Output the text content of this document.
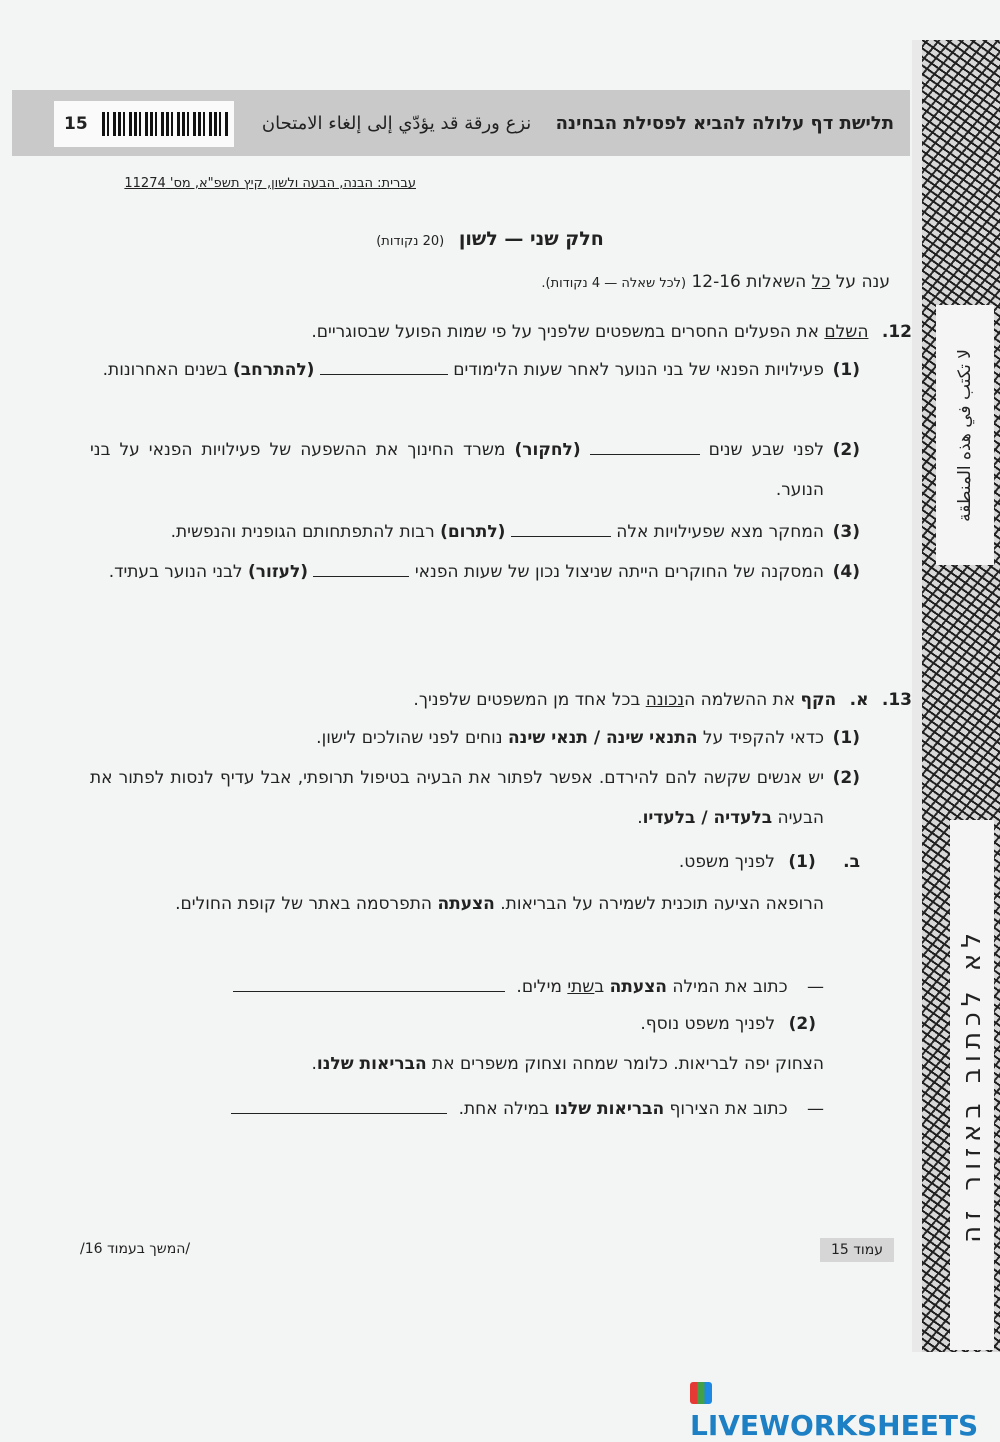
لا تكتب في هذه المنطقة
לא לכתוב באזור זה
15	תלישת דף עלולה להביא לפסילת הבחינה نزع ورقة قد يؤدّي إلى إلغاء الامتحان
עברית: הבנה, הבעה ולשון, קיץ תשפ"א, מס' 11274
חלק שני — לשון (20 נקודות)
ענה על כל השאלות 12-16 (לכל שאלה — 4 נקודות).
12. השלם את הפעלים החסרים במשפטים שלפניך על פי שמות הפועל שבסוגריים.
(1)
פעילויות הפנאי של בני הנוער לאחר שעות הלימודים  (להתרחב) בשנים האחרונות.
(2)
לפני שבע שנים  (לחקור) משרד החינוך את ההשפעה של פעילויות הפנאי על בני הנוער.
(3)
המחקר מצא שפעילויות אלה  (לתרום) רבות להתפתחותם הגופנית והנפשית.
(4)
המסקנה של החוקרים הייתה שניצול נכון של שעות הפנאי  (לעזור) לבני הנוער בעתיד.
13. א. הקף את ההשלמה הנכונה בכל אחד מן המשפטים שלפניך.
(1)
כדאי להקפיד על התנאי שינה / תנאי שינה נוחים לפני שהולכים לישון.
(2)
יש אנשים שקשה להם להירדם. אפשר לפתור את הבעיה בטיפול תרופתי, אבל עדיף לנסות לפתור את הבעיה בלעדיה / בלעדיו.
ב. (1) לפניך משפט.
הרופאה הציעה תוכנית לשמירה על הבריאות. הצעתה התפרסמה באתר של קופת החולים.
— כתוב את המילה הצעתה בשתי מילים.
(2) לפניך משפט נוסף.
הצחוק יפה לבריאות. כלומר שמחה וצחוק משפרים את הבריאות שלנו.
— כתוב את הצירוף הבריאות שלנו במילה אחת.
/המשך בעמוד 16/	עמוד 15
LIVEWORKSHEETS
